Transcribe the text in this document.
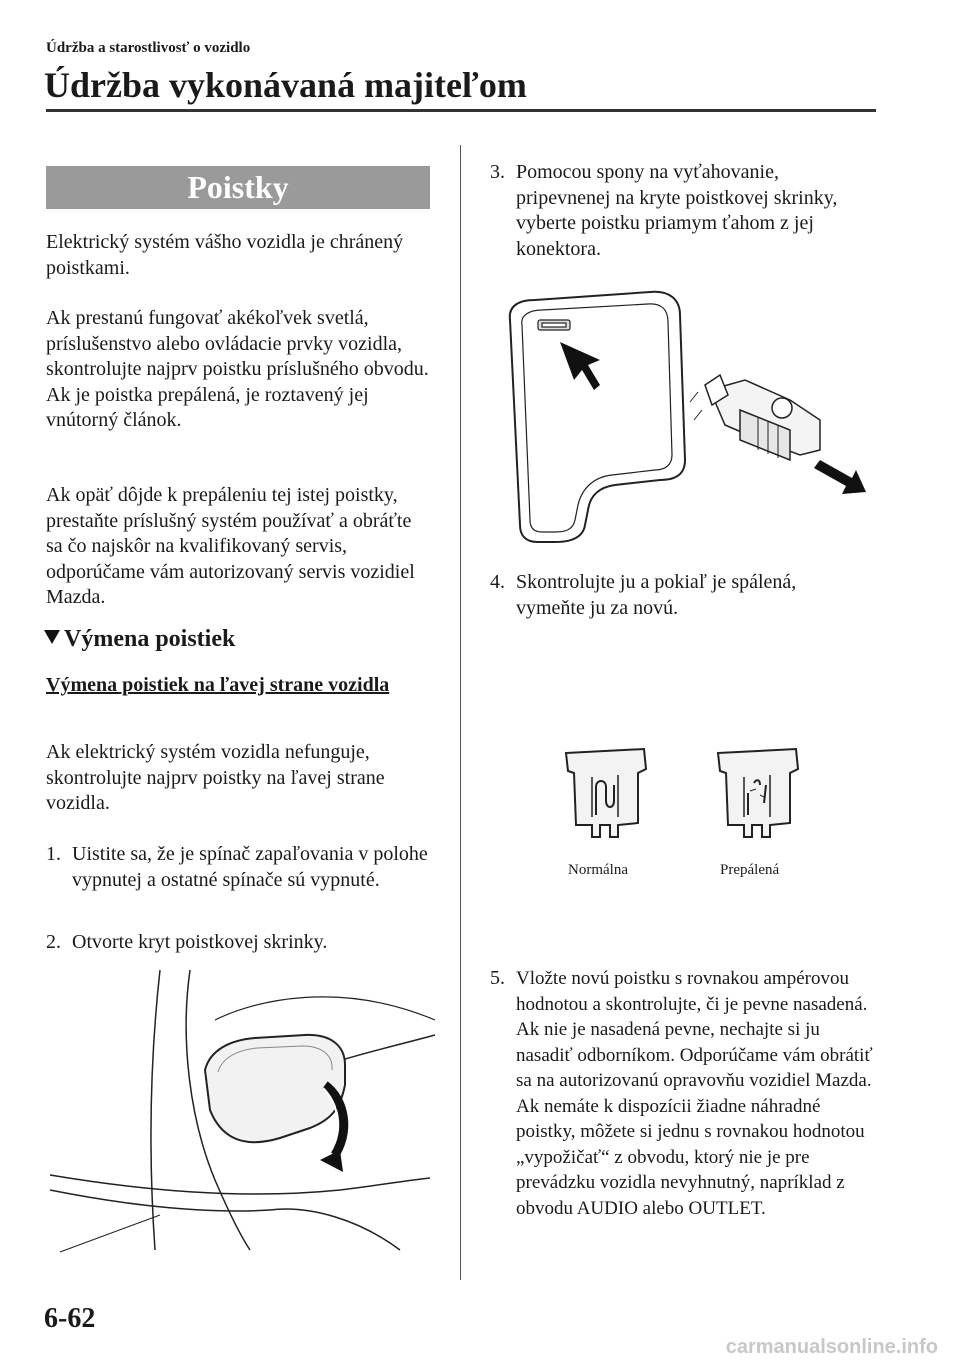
Údržba a starostlivosť o vozidlo
Údržba vykonávaná majiteľom
Poistky

Elektrický systém vášho vozidla je chránený poistkami.

Ak prestanú fungovať akékoľvek svetlá, príslušenstvo alebo ovládacie prvky vozidla, skontrolujte najprv poistku príslušného obvodu. Ak je poistka prepálená, je roztavený jej vnútorný článok.

Ak opäť dôjde k prepáleniu tej istej poistky, prestaňte príslušný systém používať a obráťte sa čo najskôr na kvalifikovaný servis, odporúčame vám autorizovaný servis vozidiel Mazda.

Výmena poistiek
Výmena poistiek na ľavej strane vozidla

Ak elektrický systém vozidla nefunguje, skontrolujte najprv poistky na ľavej strane vozidla.

1. Uistite sa, že je spínač zapaľovania v polohe vypnutej a ostatné spínače sú vypnuté.
2. Otvorte kryt poistkovej skrinky.
3. Pomocou spony na vyťahovanie, pripevnenej na kryte poistkovej skrinky, vyberte poistku priamym ťahom z jej konektora.
4. Skontrolujte ju a pokiaľ je spálená, vymeňte ju za novú.
Normálna	Prepálená
5. Vložte novú poistku s rovnakou ampérovou hodnotou a skontrolujte, či je pevne nasadená. Ak nie je nasadená pevne, nechajte si ju nasadiť odborníkom. Odporúčame vám obrátiť sa na autorizovanú opravovňu vozidiel Mazda. Ak nemáte k dispozícii žiadne náhradné poistky, môžete si jednu s rovnakou hodnotou „vypožičať“ z obvodu, ktorý nie je pre prevádzku vozidla nevyhnutný, napríklad z obvodu AUDIO alebo OUTLET.
6-62
carmanualsonline.info
